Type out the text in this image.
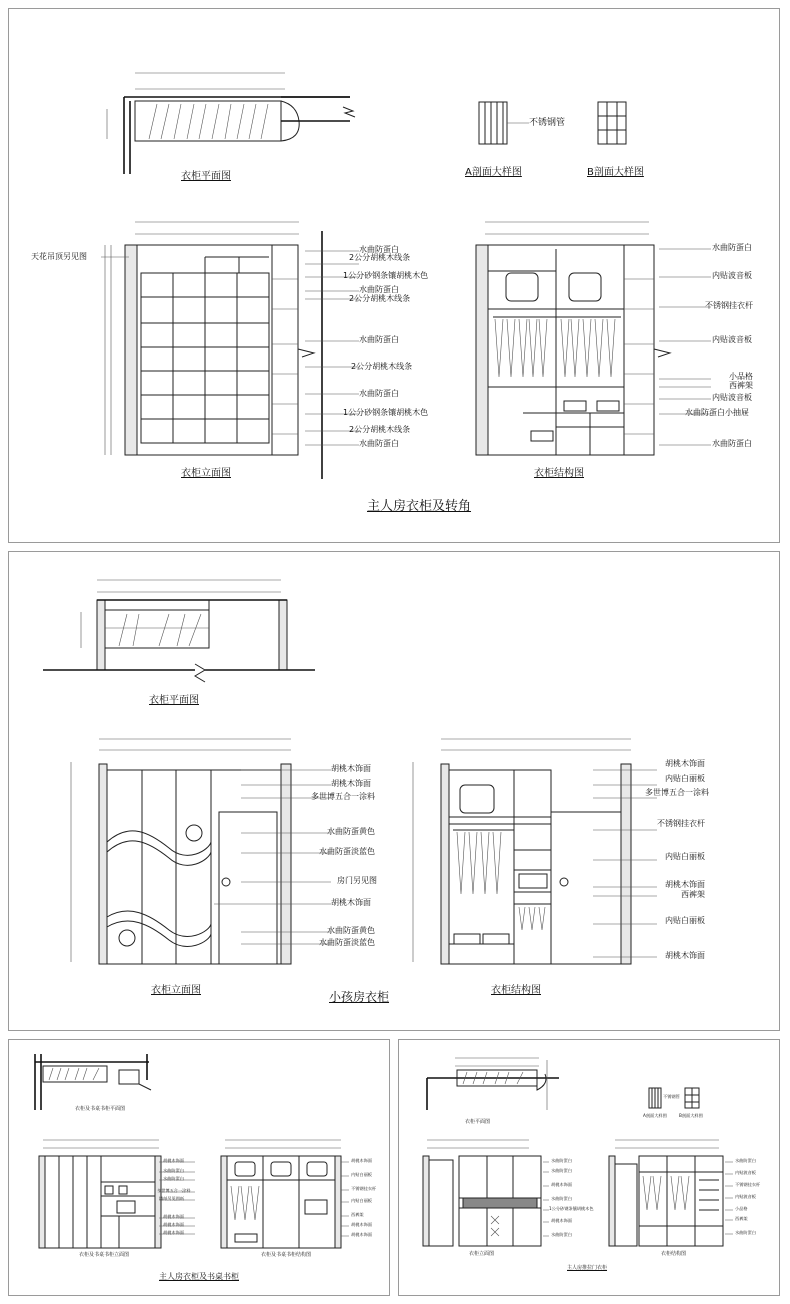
衣柜平面图
不锈钢管
A剖面大样图	B剖面大样图
天花吊顶另见图
水曲防蛋白
2公分胡桃木线条
1公分砂钢条镶胡桃木色
水曲防蛋白
2公分胡桃木线条
水曲防蛋白
2公分胡桃木线条
水曲防蛋白
1公分砂钢条镶胡桃木色
2公分胡桃木线条
水曲防蛋白
水曲防蛋白
内贴波音板
不锈钢挂衣杆
内贴波音板
小品格
西裤架
内贴波音板
水曲防蛋白小抽屉
水曲防蛋白
衣柜立面图	衣柜结构图
主人房衣柜及转角
衣柜平面图
胡桃木饰面
胡桃木饰面
多世博五合一涂料
水曲防蛋黄色
水曲防蛋淡蓝色
房门另见图
胡桃木饰面
水曲防蛋黄色
水曲防蛋淡蓝色
胡桃木饰面
内贴白丽板
多世博五合一涂料
不锈钢挂衣杆
内贴白丽板
胡桃木饰面
西裤架
内贴白丽板
胡桃木饰面
衣柜立面图	衣柜结构图
小孩房衣柜
衣柜及书桌书柜平面图
胡桃木饰面
水曲防蛋白
水曲防蛋白
多世博五合一涂料
墙纸另见图纸
胡桃木饰面
胡桃木饰面
胡桃木饰面
胡桃木饰面
内贴白丽板
不锈钢挂衣杆
内贴白丽板
西裤架
胡桃木饰面
胡桃木饰面
衣柜及书桌书柜立面图	衣柜及书桌书柜结构图
主人房衣柜及书桌书柜
衣柜平面图
不锈钢管
A剖面大样图	B剖面大样图
水曲防蛋白
水曲防蛋白
胡桃木饰面
水曲防蛋白
1公分砂钢条镶胡桃木色
胡桃木饰面
水曲防蛋白
水曲防蛋白
内贴波音板
不锈钢挂衣杆
内贴波音板
小品格
西裤架
水曲防蛋白
衣柜立面图	衣柜结构图
主人房推拉门衣柜
